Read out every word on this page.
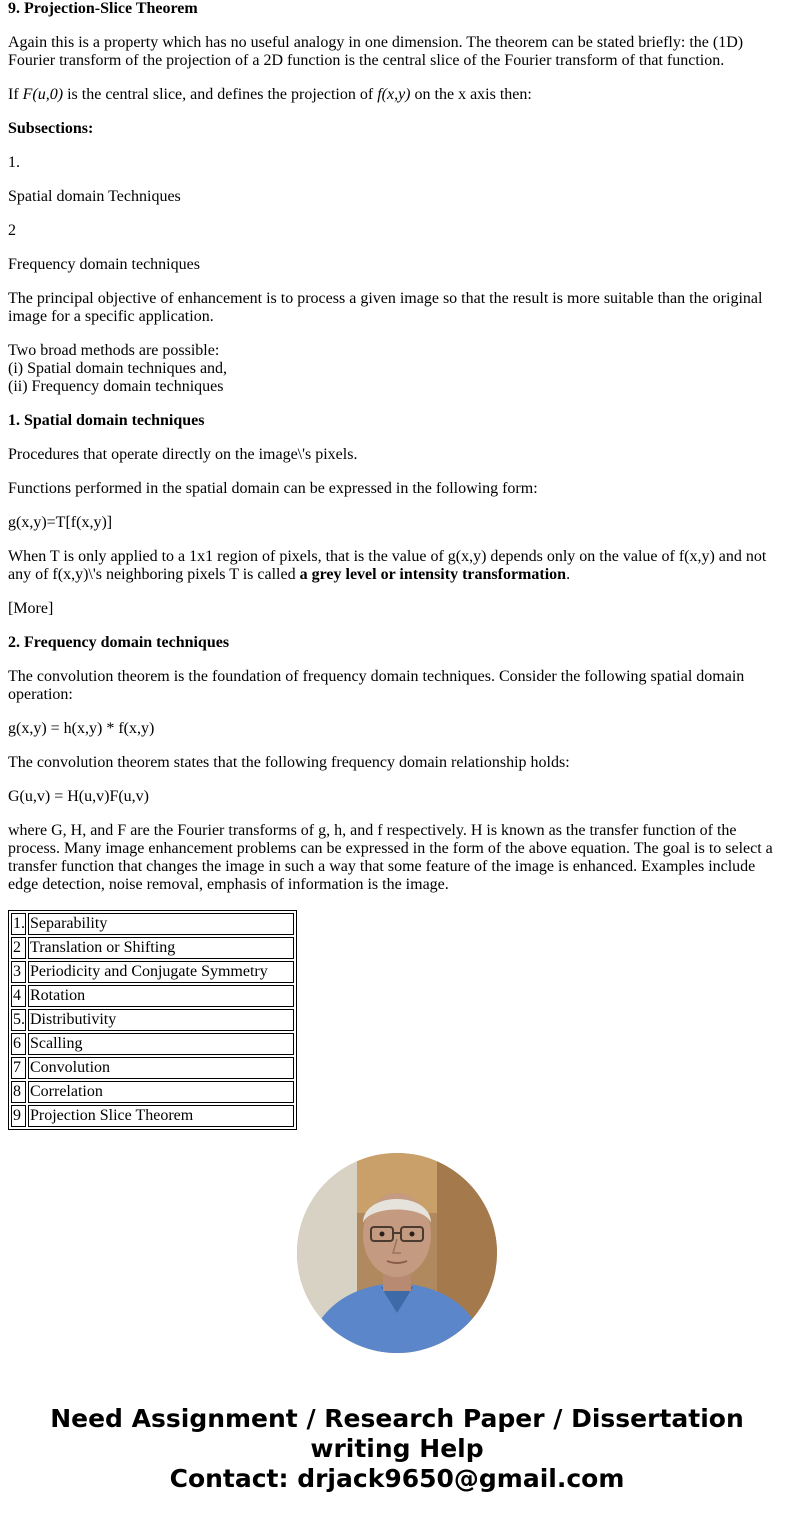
9. Projection-Slice Theorem

Again this is a property which has no useful analogy in one dimension. The theorem can be stated briefly: the (1D) Fourier transform of the projection of a 2D function is the central slice of the Fourier transform of that function.

If F(u,0) is the central slice, and defines the projection of f(x,y) on the x axis then:

Subsections:

1.

Spatial domain Techniques

2

Frequency domain techniques

The principal objective of enhancement is to process a given image so that the result is more suitable than the original image for a specific application.

Two broad methods are possible:
(i) Spatial domain techniques and,
(ii) Frequency domain techniques

1. Spatial domain techniques

Procedures that operate directly on the image\'s pixels.

Functions performed in the spatial domain can be expressed in the following form:

g(x,y)=T[f(x,y)]

When T is only applied to a 1x1 region of pixels, that is the value of g(x,y) depends only on the value of f(x,y) and not any of f(x,y)\'s neighboring pixels T is called a grey level or intensity transformation.

[More]

2. Frequency domain techniques

The convolution theorem is the foundation of frequency domain techniques. Consider the following spatial domain operation:

g(x,y) = h(x,y) * f(x,y)

The convolution theorem states that the following frequency domain relationship holds:

G(u,v) = H(u,v)F(u,v)

where G, H, and F are the Fourier transforms of g, h, and f respectively. H is known as the transfer function of the process. Many image enhancement problems can be expressed in the form of the above equation. The goal is to select a transfer function that changes the image in such a way that some feature of the image is enhanced. Examples include edge detection, noise removal, emphasis of information is the image.

1.	Separability
2	Translation or Shifting
3	Periodicity and Conjugate Symmetry
4	Rotation
5.	Distributivity
6	Scalling
7	Convolution
8	Correlation
9	Projection Slice Theorem
Need Assignment / Research Paper / Dissertation
writing Help
Contact: drjack9650@gmail.com
